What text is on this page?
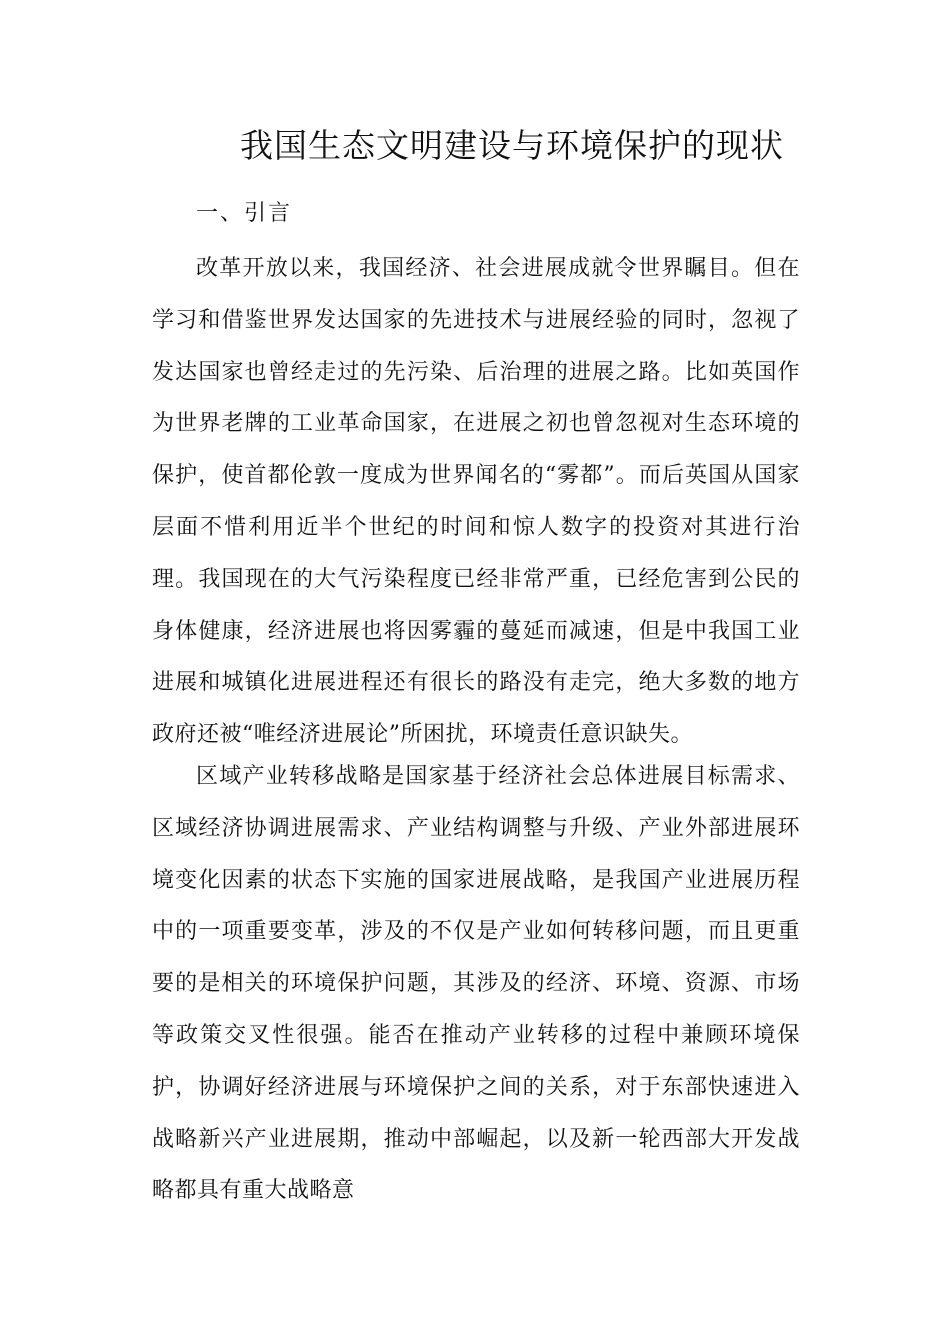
我国生态文明建设与环境保护的现状
一、引言

改革开放以来，我国经济、社会进展成就令世界瞩目。但在学习和借鉴世界发达国家的先进技术与进展经验的同时，忽视了发达国家也曾经走过的先污染、后治理的进展之路。比如英国作为世界老牌的工业革命国家，在进展之初也曾忽视对生态环境的保护，使首都伦敦一度成为世界闻名的“雾都”。而后英国从国家层面不惜利用近半个世纪的时间和惊人数字的投资对其进行治理。我国现在的大气污染程度已经非常严重，已经危害到公民的身体健康，经济进展也将因雾霾的蔓延而减速，但是中我国工业进展和城镇化进展进程还有很长的路没有走完，绝大多数的地方政府还被“唯经济进展论”所困扰，环境责任意识缺失。

区域产业转移战略是国家基于经济社会总体进展目标需求、区域经济协调进展需求、产业结构调整与升级、产业外部进展环境变化因素的状态下实施的国家进展战略，是我国产业进展历程中的一项重要变革，涉及的不仅是产业如何转移问题，而且更重要的是相关的环境保护问题，其涉及的经济、环境、资源、市场等政策交叉性很强。能否在推动产业转移的过程中兼顾环境保护，协调好经济进展与环境保护之间的关系，对于东部快速进入战略新兴产业进展期，推动中部崛起，以及新一轮西部大开发战略都具有重大战略意
